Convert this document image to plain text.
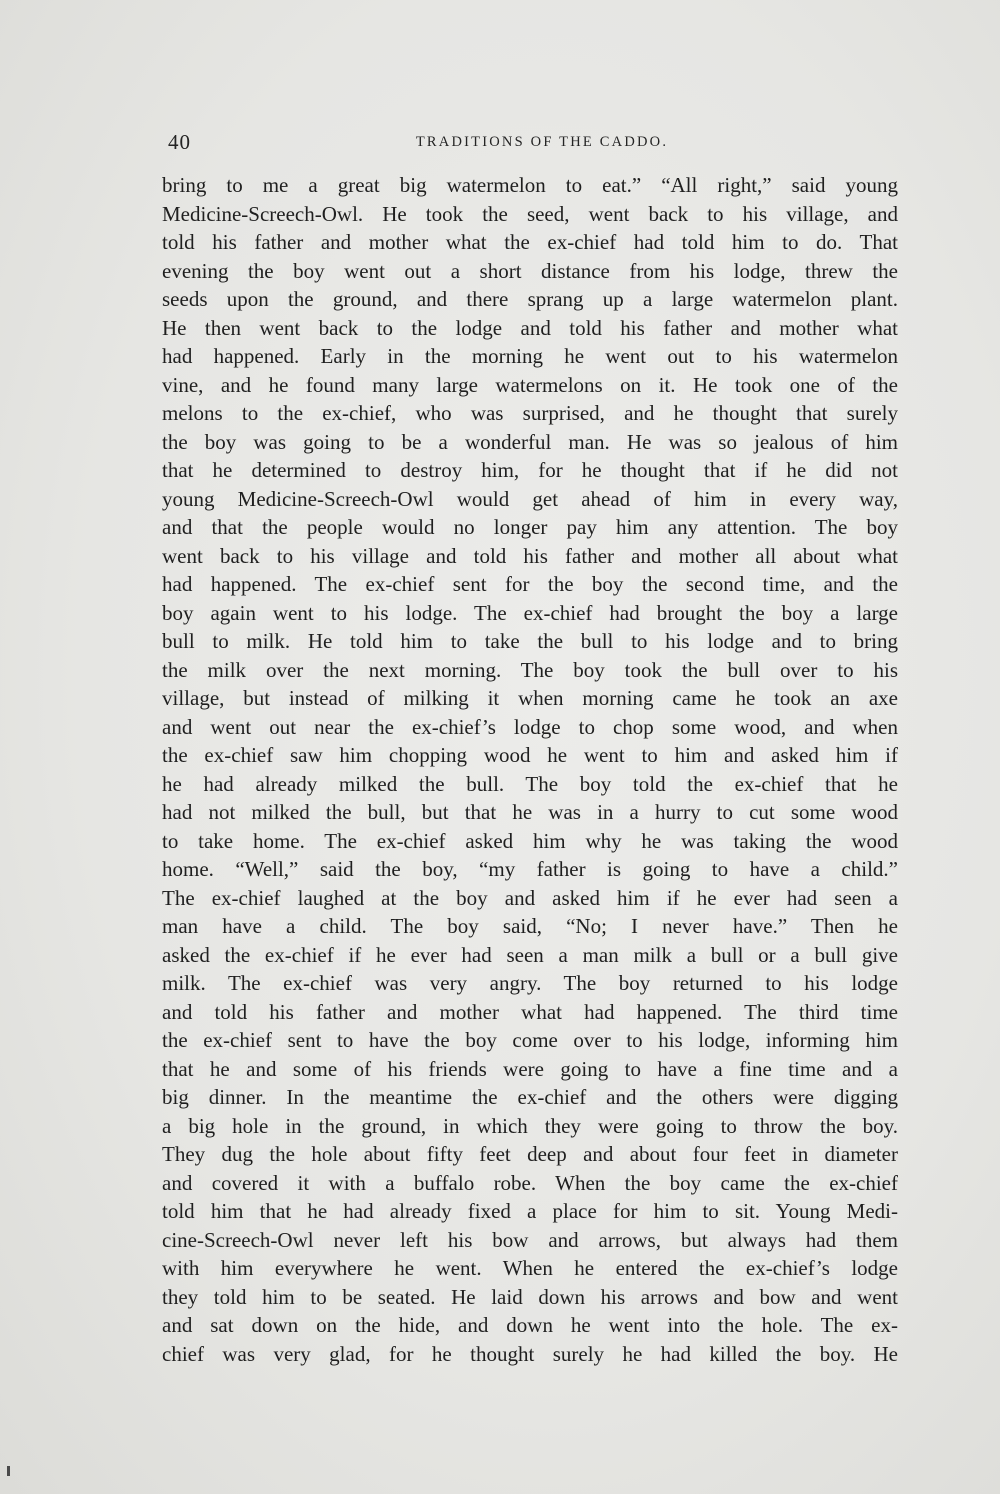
40	TRADITIONS OF THE CADDO.
bring to me a great big watermelon to eat.” “All right,” said young
Medicine-Screech-Owl. He took the seed, went back to his village, and
told his father and mother what the ex-chief had told him to do. That
evening the boy went out a short distance from his lodge, threw the
seeds upon the ground, and there sprang up a large watermelon plant.
He then went back to the lodge and told his father and mother what
had happened. Early in the morning he went out to his watermelon
vine, and he found many large watermelons on it. He took one of the
melons to the ex-chief, who was surprised, and he thought that surely
the boy was going to be a wonderful man. He was so jealous of him
that he determined to destroy him, for he thought that if he did not
young Medicine-Screech-Owl would get ahead of him in every way,
and that the people would no longer pay him any attention. The boy
went back to his village and told his father and mother all about what
had happened. The ex-chief sent for the boy the second time, and the
boy again went to his lodge. The ex-chief had brought the boy a large
bull to milk. He told him to take the bull to his lodge and to bring
the milk over the next morning. The boy took the bull over to his
village, but instead of milking it when morning came he took an axe
and went out near the ex-chief’s lodge to chop some wood, and when
the ex-chief saw him chopping wood he went to him and asked him if
he had already milked the bull. The boy told the ex-chief that he
had not milked the bull, but that he was in a hurry to cut some wood
to take home. The ex-chief asked him why he was taking the wood
home. “Well,” said the boy, “my father is going to have a child.”
The ex-chief laughed at the boy and asked him if he ever had seen a
man have a child. The boy said, “No; I never have.” Then he
asked the ex-chief if he ever had seen a man milk a bull or a bull give
milk. The ex-chief was very angry. The boy returned to his lodge
and told his father and mother what had happened. The third time
the ex-chief sent to have the boy come over to his lodge, informing him
that he and some of his friends were going to have a fine time and a
big dinner. In the meantime the ex-chief and the others were digging
a big hole in the ground, in which they were going to throw the boy.
They dug the hole about fifty feet deep and about four feet in diameter
and covered it with a buffalo robe. When the boy came the ex-chief
told him that he had already fixed a place for him to sit. Young Medi-
cine-Screech-Owl never left his bow and arrows, but always had them
with him everywhere he went. When he entered the ex-chief’s lodge
they told him to be seated. He laid down his arrows and bow and went
and sat down on the hide, and down he went into the hole. The ex-
chief was very glad, for he thought surely he had killed the boy. He
